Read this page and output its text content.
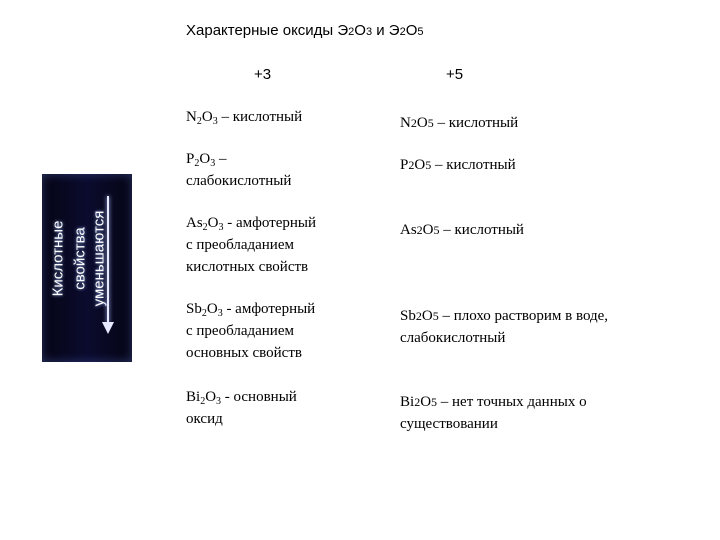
Характерные оксиды Э2O3 и Э2O5
+3	+5
Кислотные свойства уменьшаются
$N_2O_3$ – кислотный	N2O5 – кислотный
$P_2O_3$ –
слабокислотный
P2O5 – кислотный
$As_2O_3$ - амфотерный
с преобладанием
кислотных свойств
As2O5 – кислотный
$Sb_2O_3$ - амфотерный
с преобладанием
основных свойств
Sb2O5 – плохо растворим в воде,
слабокислотный
$Bi_2O_3$ - основный
оксид
Bi2O5 – нет точных данных о
существовании
